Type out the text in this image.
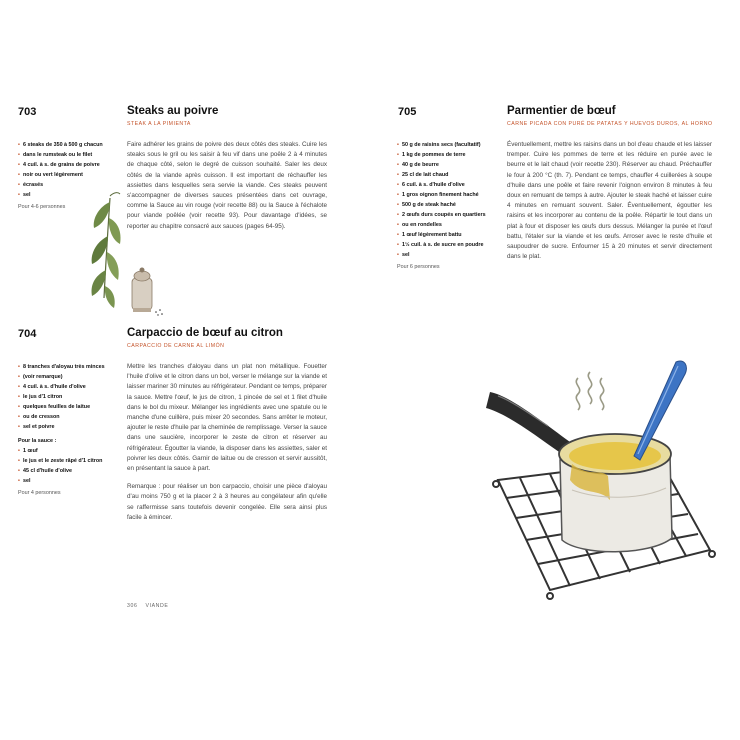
703	Steaks au poivre
STEAK A LA PIMIENTA
• 6 steaks de 350 à 500 g chacun
• dans le rumsteak ou le filet
• 4 cuil. à s. de grains de poivre
• noir ou vert légèrement
• écrasés
• sel
Pour 4-6 personnes

Faire adhérer les grains de poivre des deux côtés des steaks. Cuire les steaks sous le gril ou les saisir à feu vif dans une poêle 2 à 4 minutes de chaque côté, selon le degré de cuisson souhaité. Saler les deux côtés de la viande après cuisson. Il est important de réchauffer les assiettes dans lesquelles sera servie la viande. Ces steaks peuvent s'accompagner de diverses sauces présentées dans cet ouvrage, comme la Sauce au vin rouge (voir recette 88) ou la Sauce à l'échalote pour viande poêlée (voir recette 93). Pour davantage d'idées, se reporter au chapitre consacré aux sauces (pages 64-95).

704	Carpaccio de bœuf au citron
CARPACCIO DE CARNE AL LIMÓN
• 8 tranches d'aloyau très minces
• (voir remarque)
• 4 cuil. à s. d'huile d'olive
• le jus d'1 citron
• quelques feuilles de laitue
• ou de cresson
• sel et poivre
Pour la sauce :
• 1 œuf
• le jus et le zeste râpé d'1 citron
• 45 cl d'huile d'olive
• sel
Pour 4 personnes

Mettre les tranches d'aloyau dans un plat non métallique. Fouetter l'huile d'olive et le citron dans un bol, verser le mélange sur la viande et laisser mariner 30 minutes au réfrigérateur. Pendant ce temps, préparer la sauce. Mettre l'œuf, le jus de citron, 1 pincée de sel et 1 filet d'huile dans le bol du mixeur. Mélanger les ingrédients avec une spatule ou le manche d'une cuillère, puis mixer 20 secondes. Sans arrêter le moteur, ajouter le reste d'huile par la cheminée de remplissage. Verser la sauce dans une saucière, incorporer le zeste de citron et réserver au réfrigérateur. Égoutter la viande, la disposer dans les assiettes, saler et poivrer les deux côtés. Garnir de laitue ou de cresson et servir aussitôt, en présentant la sauce à part.

Remarque : pour réaliser un bon carpaccio, choisir une pièce d'aloyau d'au moins 750 g et la placer 2 à 3 heures au congélateur afin qu'elle se raffermisse sans toutefois devenir congelée. Elle sera ainsi plus facile à émincer.

306 VIANDE
705	Parmentier de bœuf
CARNE PICADA CON PURÉ DE PATATAS Y HUEVOS DUROS, AL HORNO
• 50 g de raisins secs (facultatif)
• 1 kg de pommes de terre
• 40 g de beurre
• 25 cl de lait chaud
• 6 cuil. à s. d'huile d'olive
• 1 gros oignon finement haché
• 500 g de steak haché
• 2 œufs durs coupés en quartiers
• ou en rondelles
• 1 œuf légèrement battu
• 1½ cuil. à s. de sucre en poudre
• sel
Pour 6 personnes

Éventuellement, mettre les raisins dans un bol d'eau chaude et les laisser tremper. Cuire les pommes de terre et les réduire en purée avec le beurre et le lait chaud (voir recette 230). Réserver au chaud. Préchauffer le four à 200 °C (th. 7). Pendant ce temps, chauffer 4 cuillerées à soupe d'huile dans une poêle et faire revenir l'oignon environ 8 minutes à feu doux en remuant de temps à autre. Ajouter le steak haché et laisser cuire 4 minutes en remuant souvent. Saler. Éventuellement, égoutter les raisins et les incorporer au contenu de la poêle. Répartir le tout dans un plat à four et disposer les œufs durs dessus. Mélanger la purée et l'œuf battu, l'étaler sur la viande et les œufs. Arroser avec le reste d'huile et saupoudrer de sucre. Enfourner 15 à 20 minutes et servir directement dans le plat.
